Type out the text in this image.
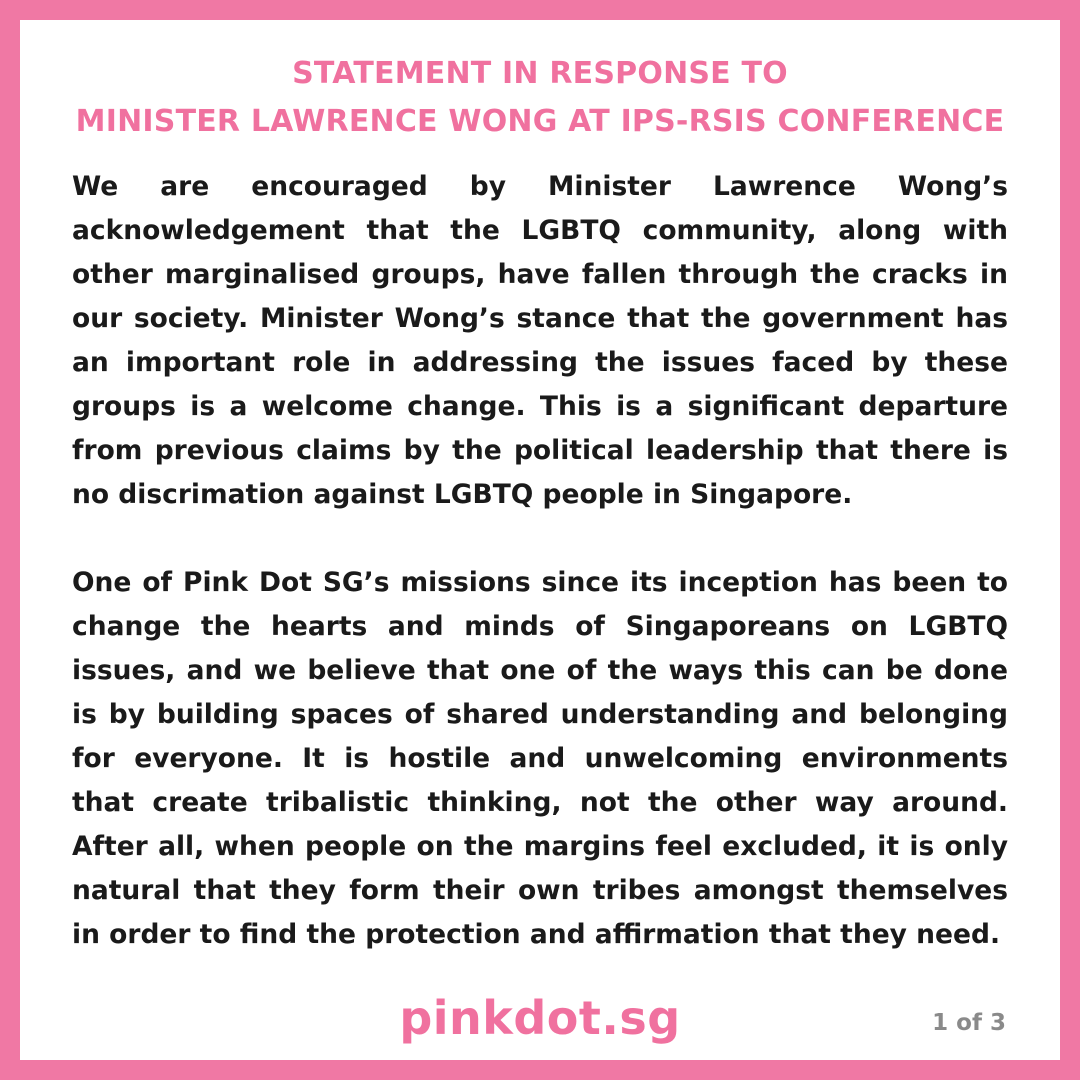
STATEMENT IN RESPONSE TO
MINISTER LAWRENCE WONG AT IPS-RSIS CONFERENCE

We are encouraged by Minister Lawrence Wong’s acknowledgement that the LGBTQ community, along with other marginalised groups, have fallen through the cracks in our society. Minister Wong’s stance that the government has an important role in addressing the issues faced by these groups is a welcome change. This is a significant departure from previous claims by the political leadership that there is no discrimation against LGBTQ people in Singapore.

One of Pink Dot SG’s missions since its inception has been to change the hearts and minds of Singaporeans on LGBTQ issues, and we believe that one of the ways this can be done is by building spaces of shared understanding and belonging for everyone. It is hostile and unwelcoming environments that create tribalistic thinking, not the other way around. After all, when people on the margins feel excluded, it is only natural that they form their own tribes amongst themselves in order to find the protection and affirmation that they need.

pinkdot.sg	1 of 3
